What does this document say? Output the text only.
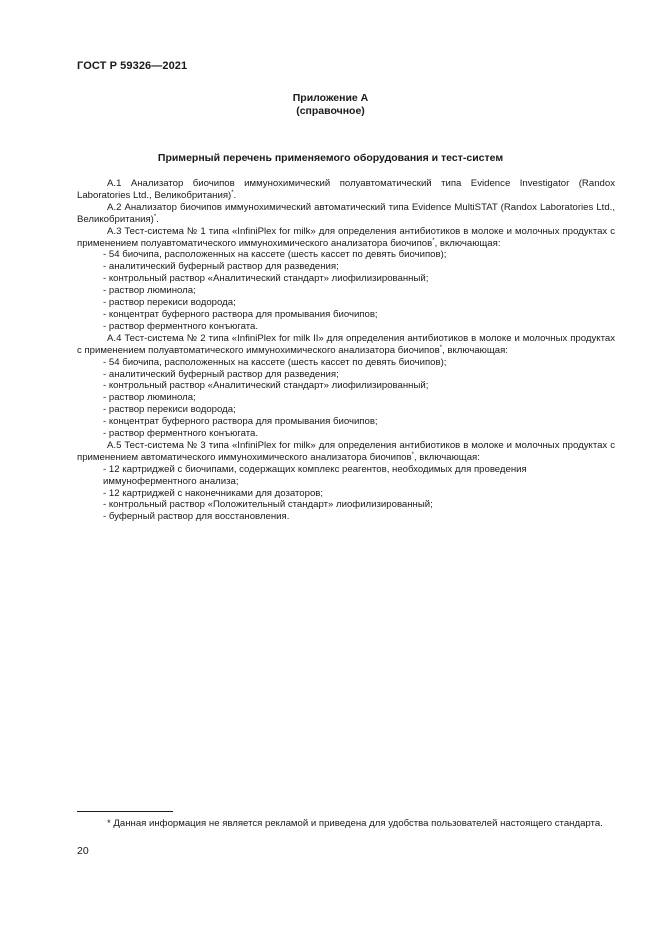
ГОСТ Р 59326—2021
Приложение А
(справочное)
Примерный перечень применяемого оборудования и тест-систем

А.1 Анализатор биочипов иммунохимический полуавтоматический типа Evidence Investigator (Randox Laboratories Ltd., Великобритания)*.

А.2 Анализатор биочипов иммунохимический автоматический типа Evidence MultiSTAT (Randox Laboratories Ltd., Великобритания)*.

А.3 Тест-система № 1 типа «InfiniPlex for milk» для определения антибиотиков в молоке и молочных продуктах с применением полуавтоматического иммунохимического анализатора биочипов*, включающая:

- 54 биочипа, расположенных на кассете (шесть кассет по девять биочипов);

- аналитический буферный раствор для разведения;

- контрольный раствор «Аналитический стандарт» лиофилизированный;

- раствор люминола;

- раствор перекиси водорода;

- концентрат буферного раствора для промывания биочипов;

- раствор ферментного конъюгата.

А.4 Тест-система № 2 типа «InfiniPlex for milk II» для определения антибиотиков в молоке и молочных продуктах с применением полуавтоматического иммунохимического анализатора биочипов*, включающая:

- 54 биочипа, расположенных на кассете (шесть кассет по девять биочипов);

- аналитический буферный раствор для разведения;

- контрольный раствор «Аналитический стандарт» лиофилизированный;

- раствор люминола;

- раствор перекиси водорода;

- концентрат буферного раствора для промывания биочипов;

- раствор ферментного конъюгата.

А.5 Тест-система № 3 типа «InfiniPlex for milk» для определения антибиотиков в молоке и молочных продуктах с применением автоматического иммунохимического анализатора биочипов*, включающая:

- 12 картриджей с биочипами, содержащих комплекс реагентов, необходимых для проведения иммуноферментного анализа;

- 12 картриджей с наконечниками для дозаторов;

- контрольный раствор «Положительный стандарт» лиофилизированный;

- буферный раствор для восстановления.

* Данная информация не является рекламой и приведена для удобства пользователей настоящего стандарта.
20
